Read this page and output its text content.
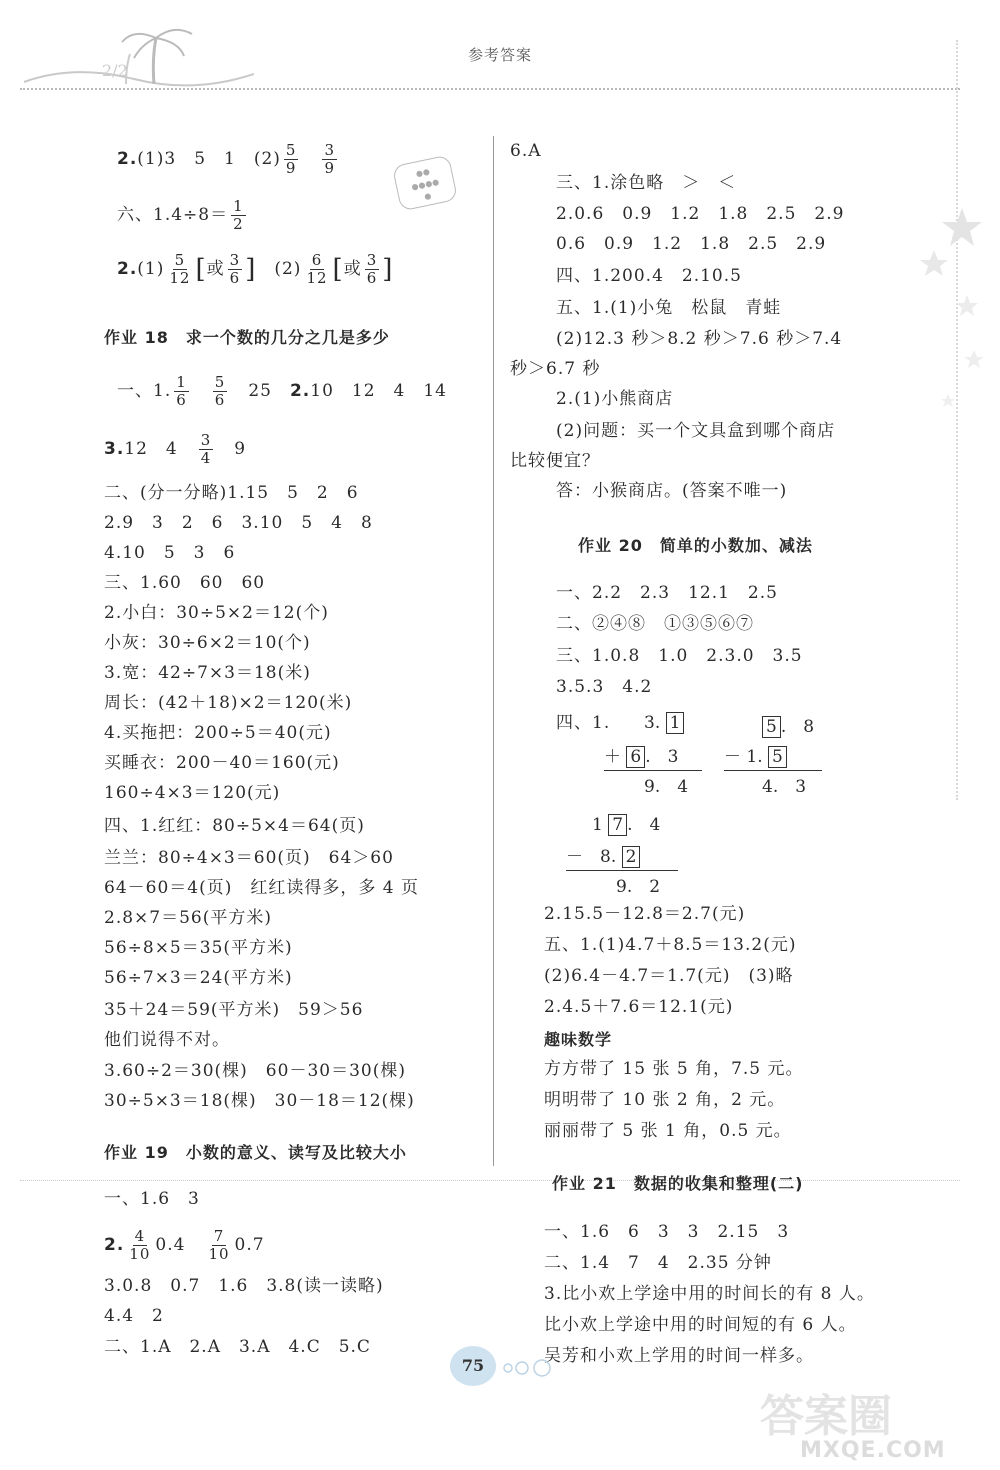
2/2
参考答案
●●
●●●●
●
2.(1)3　5　1　$(2) \frac{5}{9}$
　 $\frac{3}{9}$
六、$1.4\div 8= \frac{1}{2}$
$2.(1) \frac{5}{12}$ [或 $\frac{3}{6}$ ]　 $(2) \frac{6}{12}$ [或 $\frac{3}{6}$ ]
作业 18　求一个数的几分之几是多少
一、1. $\frac{1}{6}$
　 $\frac{5}{6}$
　 25　 2.10　12　4　14
3.12　4　 $\frac{3}{4}$
　 9
二、(分一分略)1.15　5　2　6
2.9　3　2　6　3.10　5　4　8
4.10　5　3　6
三、1.60　60　60
2.小白：30÷5×2＝12(个)
小灰：30÷6×2＝10(个)
3.宽：42÷7×3＝18(米)
周长：(42＋18)×2＝120(米)
4.买拖把：200÷5＝40(元)
买睡衣：200－40＝160(元)
160÷4×3＝120(元)
四、1.红红：80÷5×4＝64(页)
兰兰：80÷4×3＝60(页)　64＞60
64－60＝4(页)　红红读得多，多 4 页
2.8×7＝56(平方米)
56÷8×5＝35(平方米)
56÷7×3＝24(平方米)
35＋24＝59(平方米)　59＞56
他们说得不对。
3.60÷2＝30(棵)　60－30＝30(棵)
30÷5×3＝18(棵)　30－18＝12(棵)
作业 19　小数的意义、读写及比较大小
一、1.6　3
2. $\frac{4}{10} 0.4$　 $\frac{7}{10} 0.7$
3.0.8　0.7　1.6　3.8(读一读略)
4.4　2
二、1.A　2.A　3.A　4.C　5.C
6.A
三、1.涂色略　＞　＜
2.0.6　0.9　1.2　1.8　2.5　2.9
0.6　0.9　1.2　1.8　2.5　2.9
四、1.200.4　2.10.5
五、1.(1)小兔　松鼠　青蛙
(2)12.3 秒＞8.2 秒＞7.6 秒＞7.4
秒＞6.7 秒
2.(1)小熊商店
(2)问题：买一个文具盒到哪个商店
比较便宜？
答：小猴商店。(答案不唯一)
作业 20　简单的小数加、减法
一、2.2　2.3　12.1　2.5
二、②④⑧　①③⑤⑥⑦
三、1.0.8　1.0　2.3.0　3.5
3.5.3　4.2
四、1. 3. 1
＋ 6 .　3
9.　4
5 .　8
－ 1. 5
4.　3
1 7 .　4
－　 8. 2
9.　2
2.15.5－12.8＝2.7(元)
五、1.(1)4.7＋8.5＝13.2(元)
(2)6.4－4.7＝1.7(元)　(3)略
2.4.5＋7.6＝12.1(元)
趣味数学
方方带了 15 张 5 角，7.5 元。
明明带了 10 张 2 角，2 元。
丽丽带了 5 张 1 角，0.5 元。
作业 21　数据的收集和整理(二)
一、1.6　6　3　3　2.15　3
二、1.4　7　4　2.35 分钟
3.比小欢上学途中用的时间长的有 8 人。
比小欢上学途中用的时间短的有 6 人。
吴芳和小欢上学用的时间一样多。
75
答案圈
MXQE.COM
